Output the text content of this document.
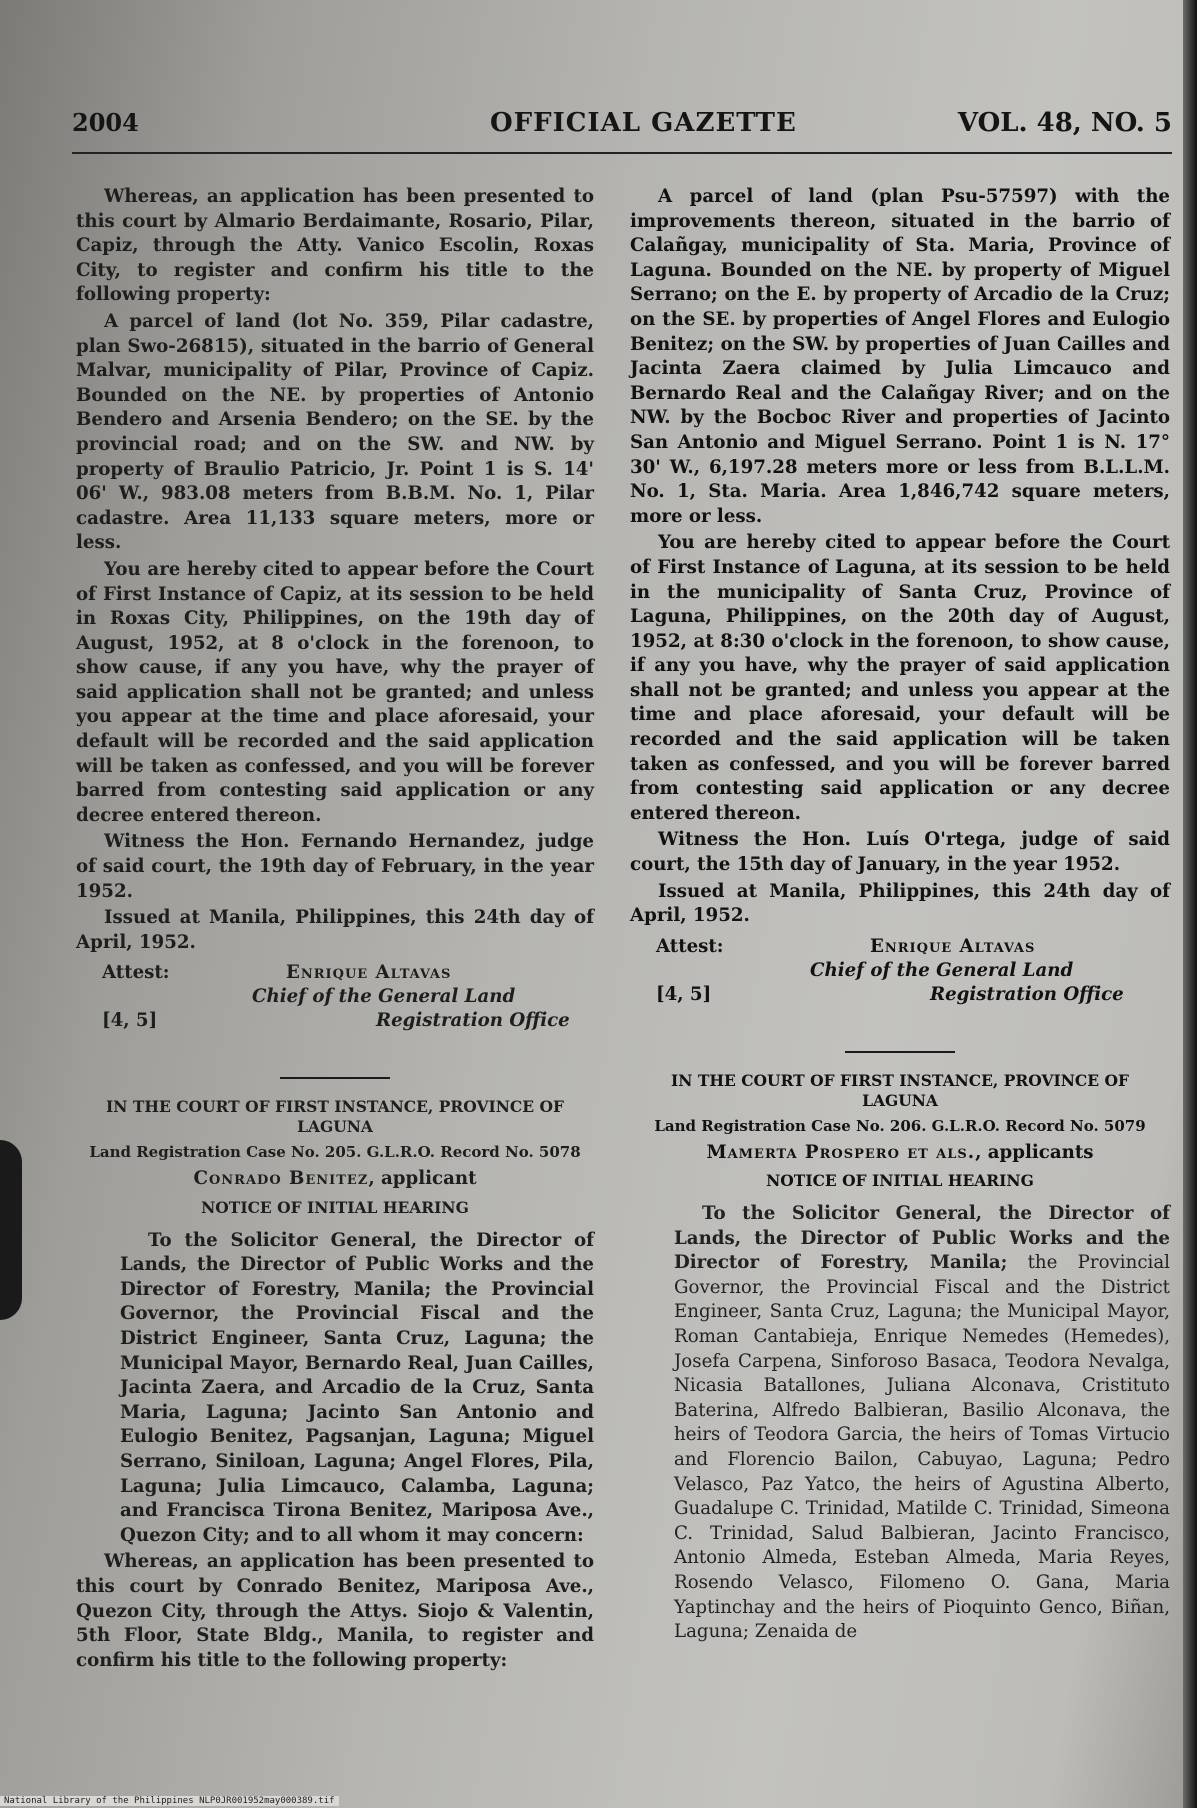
2004	OFFICIAL GAZETTE	VOL. 48, NO. 5

Whereas, an application has been presented to this court by Almario Berdaimante, Rosario, Pilar, Capiz, through the Atty. Vanico Escolin, Roxas City, to register and confirm his title to the following property:

A parcel of land (lot No. 359, Pilar cadastre, plan Swo-26815), situated in the barrio of General Malvar, municipality of Pilar, Province of Capiz. Bounded on the NE. by properties of Antonio Bendero and Arsenia Bendero; on the SE. by the provincial road; and on the SW. and NW. by property of Braulio Patricio, Jr. Point 1 is S. 14' 06' W., 983.08 meters from B.B.M. No. 1, Pilar cadastre. Area 11,133 square meters, more or less.

You are hereby cited to appear before the Court of First Instance of Capiz, at its session to be held in Roxas City, Philippines, on the 19th day of August, 1952, at 8 o'clock in the forenoon, to show cause, if any you have, why the prayer of said application shall not be granted; and unless you appear at the time and place aforesaid, your default will be recorded and the said application will be taken as confessed, and you will be forever barred from contesting said application or any decree entered thereon.

Witness the Hon. Fernando Hernandez, judge of said court, the 19th day of February, in the year 1952.

Issued at Manila, Philippines, this 24th day of April, 1952.

Attest:	Enrique Altavas
Chief of the General Land
[4, 5]	Registration Office
IN THE COURT OF FIRST INSTANCE, PROVINCE OF LAGUNA
Land Registration Case No. 205. G.L.R.O. Record No. 5078
Conrado Benitez, applicant
NOTICE OF INITIAL HEARING

To the Solicitor General, the Director of Lands, the Director of Public Works and the Director of Forestry, Manila; the Provincial Governor, the Provincial Fiscal and the District Engineer, Santa Cruz, Laguna; the Municipal Mayor, Bernardo Real, Juan Cailles, Jacinta Zaera, and Arcadio de la Cruz, Santa Maria, Laguna; Jacinto San Antonio and Eulogio Benitez, Pagsanjan, Laguna; Miguel Serrano, Siniloan, Laguna; Angel Flores, Pila, Laguna; Julia Limcauco, Calamba, Laguna; and Francisca Tirona Benitez, Mariposa Ave., Quezon City; and to all whom it may concern:

Whereas, an application has been presented to this court by Conrado Benitez, Mariposa Ave., Quezon City, through the Attys. Siojo & Valentin, 5th Floor, State Bldg., Manila, to register and confirm his title to the following property:

A parcel of land (plan Psu-57597) with the improvements thereon, situated in the barrio of Calañgay, municipality of Sta. Maria, Province of Laguna. Bounded on the NE. by property of Miguel Serrano; on the E. by property of Arcadio de la Cruz; on the SE. by properties of Angel Flores and Eulogio Benitez; on the SW. by properties of Juan Cailles and Jacinta Zaera claimed by Julia Limcauco and Bernardo Real and the Calañgay River; and on the NW. by the Bocboc River and properties of Jacinto San Antonio and Miguel Serrano. Point 1 is N. 17° 30' W., 6,197.28 meters more or less from B.L.L.M. No. 1, Sta. Maria. Area 1,846,742 square meters, more or less.

You are hereby cited to appear before the Court of First Instance of Laguna, at its session to be held in the municipality of Santa Cruz, Province of Laguna, Philippines, on the 20th day of August, 1952, at 8:30 o'clock in the forenoon, to show cause, if any you have, why the prayer of said application shall not be granted; and unless you appear at the time and place aforesaid, your default will be recorded and the said application will be taken taken as confessed, and you will be forever barred from contesting said application or any decree entered thereon.

Witness the Hon. Luís O'rtega, judge of said court, the 15th day of January, in the year 1952.

Issued at Manila, Philippines, this 24th day of April, 1952.

Attest:	Enrique Altavas
Chief of the General Land
[4, 5]	Registration Office
IN THE COURT OF FIRST INSTANCE, PROVINCE OF LAGUNA
Land Registration Case No. 206. G.L.R.O. Record No. 5079
Mamerta Prospero et als., applicants
NOTICE OF INITIAL HEARING

To the Solicitor General, the Director of Lands, the Director of Public Works and the Director of Forestry, Manila; the Provincial Governor, the Provincial Fiscal and the District Engineer, Santa Cruz, Laguna; the Municipal Mayor, Roman Cantabieja, Enrique Nemedes (Hemedes), Josefa Carpena, Sinforoso Basaca, Teodora Nevalga, Nicasia Batallones, Juliana Alconava, Cristituto Baterina, Alfredo Balbieran, Basilio Alconava, the heirs of Teodora Garcia, the heirs of Tomas Virtucio and Florencio Bailon, Cabuyao, Laguna; Pedro Velasco, Paz Yatco, the heirs of Agustina Alberto, Guadalupe C. Trinidad, Matilde C. Trinidad, Simeona C. Trinidad, Salud Balbieran, Jacinto Francisco, Antonio Almeda, Esteban Almeda, Maria Reyes, Rosendo Velasco, Filomeno O. Gana, Maria Yaptinchay and the heirs of Pioquinto Genco, Biñan, Laguna; Zenaida de

National Library of the Philippines NLP0JR001952may000389.tif
